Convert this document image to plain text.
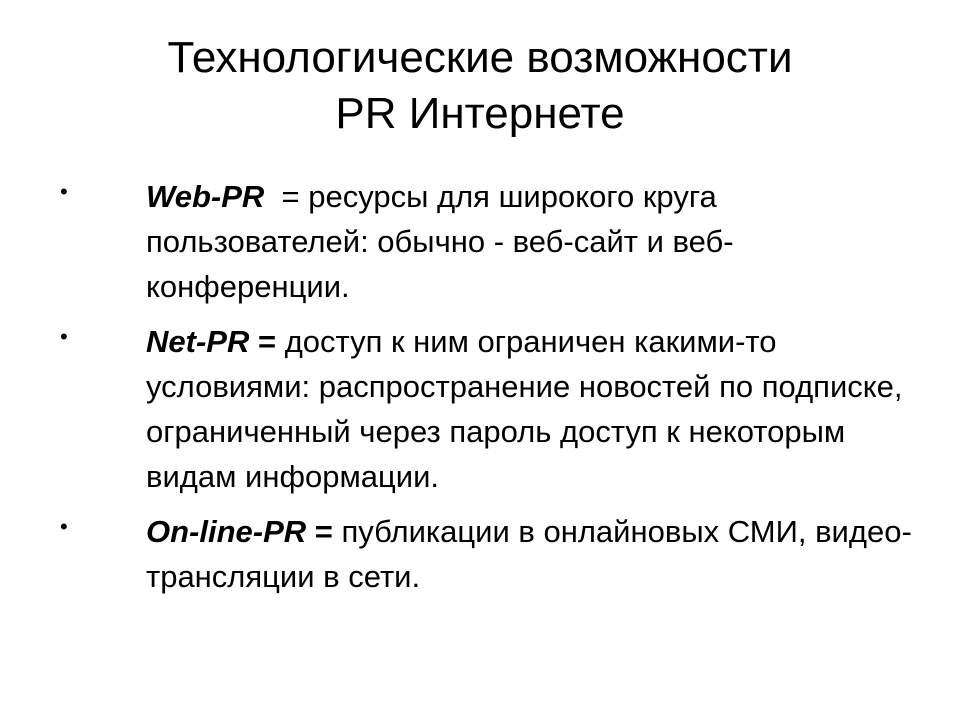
Технологические возможности
PR Интернете
•	Web-PR  = ресурсы для широкого круга пользователей: обычно - веб-сайт и веб-конференции.
•	Net-PR = доступ к ним ограничен какими-то условиями: распространение новостей по подписке, ограниченный через пароль доступ к некоторым видам информации.
•	On-line-PR = публикации в онлайновых СМИ, видео-трансляции в сети.
